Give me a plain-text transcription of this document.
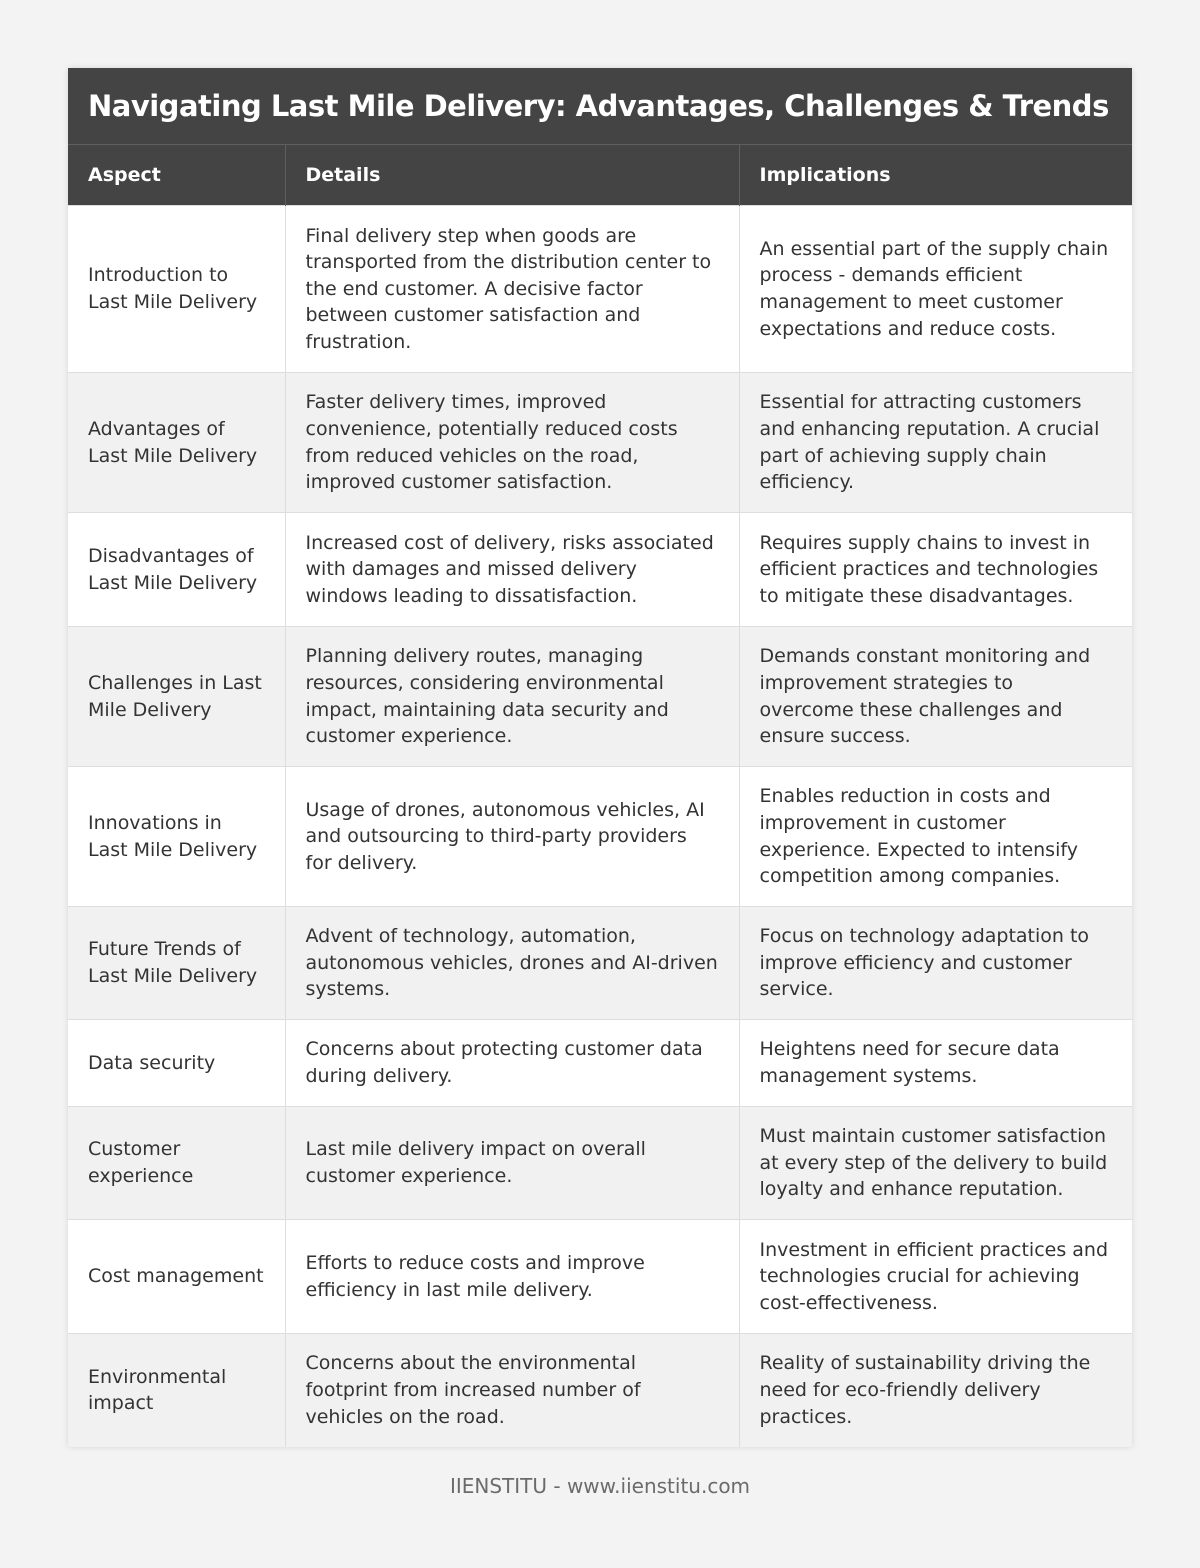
Navigating Last Mile Delivery: Advantages, Challenges & Trends
Aspect	Details	Implications
Introduction to Last Mile Delivery	Final delivery step when goods are transported from the distribution center to the end customer. A decisive factor between customer satisfaction and frustration.	An essential part of the supply chain process - demands efficient management to meet customer expectations and reduce costs.
Advantages of Last Mile Delivery	Faster delivery times, improved convenience, potentially reduced costs from reduced vehicles on the road, improved customer satisfaction.	Essential for attracting customers and enhancing reputation. A crucial part of achieving supply chain efficiency.
Disadvantages of Last Mile Delivery	Increased cost of delivery, risks associated with damages and missed delivery windows leading to dissatisfaction.	Requires supply chains to invest in efficient practices and technologies to mitigate these disadvantages.
Challenges in Last Mile Delivery	Planning delivery routes, managing resources, considering environmental impact, maintaining data security and customer experience.	Demands constant monitoring and improvement strategies to overcome these challenges and ensure success.
Innovations in Last Mile Delivery	Usage of drones, autonomous vehicles, AI and outsourcing to third-party providers for delivery.	Enables reduction in costs and improvement in customer experience. Expected to intensify competition among companies.
Future Trends of Last Mile Delivery	Advent of technology, automation, autonomous vehicles, drones and AI-driven systems.	Focus on technology adaptation to improve efficiency and customer service.
Data security	Concerns about protecting customer data during delivery.	Heightens need for secure data management systems.
Customer experience	Last mile delivery impact on overall customer experience.	Must maintain customer satisfaction at every step of the delivery to build loyalty and enhance reputation.
Cost management	Efforts to reduce costs and improve efficiency in last mile delivery.	Investment in efficient practices and technologies crucial for achieving cost-effectiveness.
Environmental impact	Concerns about the environmental footprint from increased number of vehicles on the road.	Reality of sustainability driving the need for eco-friendly delivery practices.
IIENSTITU - www.iienstitu.com
